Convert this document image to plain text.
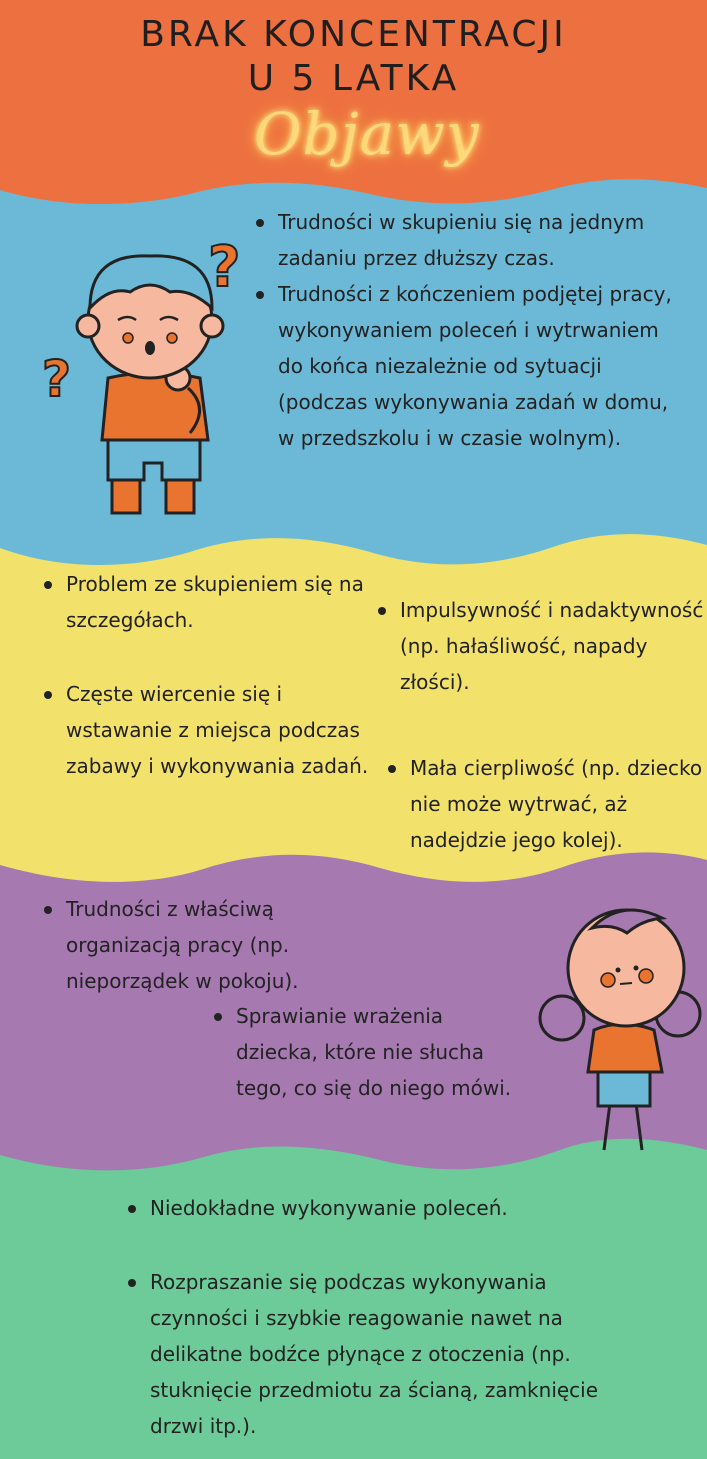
BRAK KONCENTRACJI
U 5 LATKA
Objawy
?
?
Trudności w skupieniu się na jednym zadaniu przez dłuższy czas.
Trudności z kończeniem podjętej pracy, wykonywaniem poleceń i wytrwaniem do końca niezależnie od sytuacji (podczas wykonywania zadań w domu, w przedszkolu i w czasie wolnym).
Problem ze skupieniem się na szczegółach.
Częste wiercenie się i wstawanie z miejsca podczas zabawy i wykonywania zadań.
Impulsywność i nadaktywność (np. hałaśliwość, napady złości).
Mała cierpliwość (np. dziecko nie może wytrwać, aż nadejdzie jego kolej).
Trudności z właściwą organizacją pracy (np. nieporządek w pokoju).
Sprawianie wrażenia dziecka, które nie słucha tego, co się do niego mówi.
Niedokładne wykonywanie poleceń.
Rozpraszanie się podczas wykonywania czynności i szybkie reagowanie nawet na delikatne bodźce płynące z otoczenia (np. stuknięcie przedmiotu za ścianą, zamknięcie drzwi itp.).
